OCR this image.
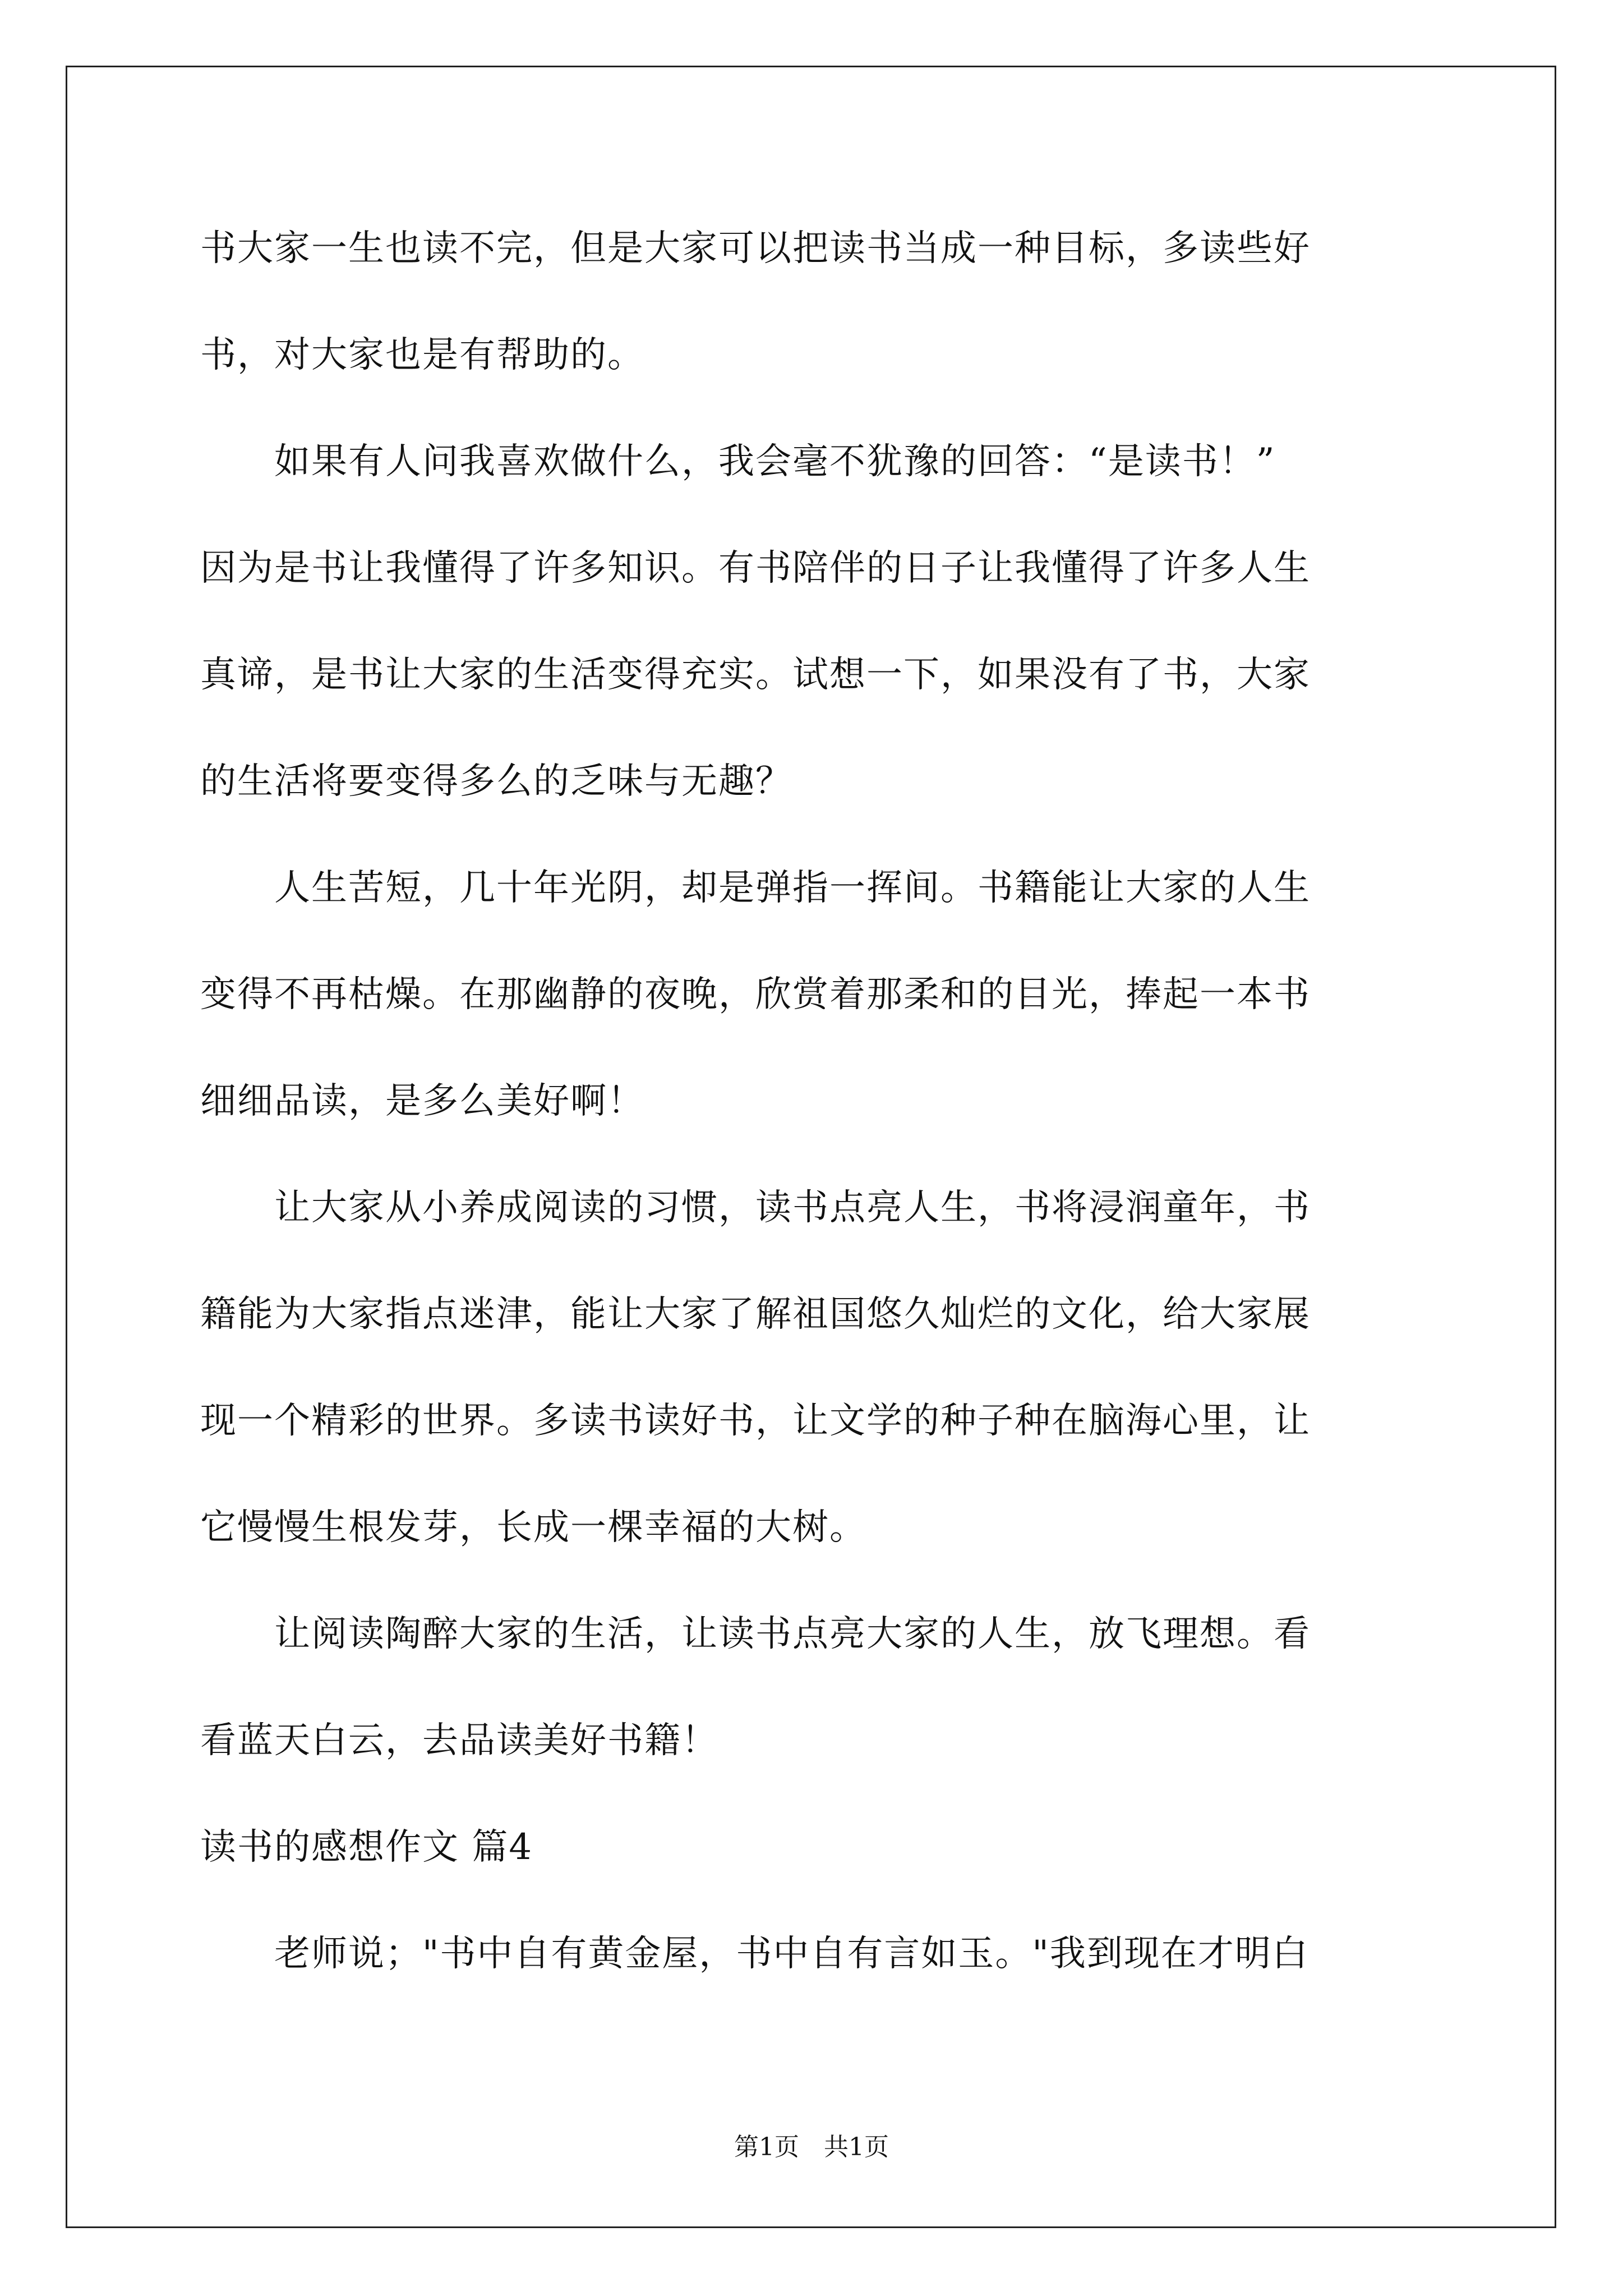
书大家一生也读不完，但是大家可以把读书当成一种目标，多读些好
书，对大家也是有帮助的。
　　如果有人问我喜欢做什么，我会毫不犹豫的回答：“是读书！”
因为是书让我懂得了许多知识。有书陪伴的日子让我懂得了许多人生
真谛，是书让大家的生活变得充实。试想一下，如果没有了书，大家
的生活将要变得多么的乏味与无趣？
　　人生苦短，几十年光阴，却是弹指一挥间。书籍能让大家的人生
变得不再枯燥。在那幽静的夜晚，欣赏着那柔和的目光，捧起一本书
细细品读，是多么美好啊！
　　让大家从小养成阅读的习惯，读书点亮人生，书将浸润童年，书
籍能为大家指点迷津，能让大家了解祖国悠久灿烂的文化，给大家展
现一个精彩的世界。多读书读好书，让文学的种子种在脑海心里，让
它慢慢生根发芽，长成一棵幸福的大树。
　　让阅读陶醉大家的生活，让读书点亮大家的人生，放飞理想。看
看蓝天白云，去品读美好书籍！
读书的感想作文 篇4
　　老师说；"书中自有黄金屋，书中自有言如玉。"我到现在才明白
第1页　共1页
